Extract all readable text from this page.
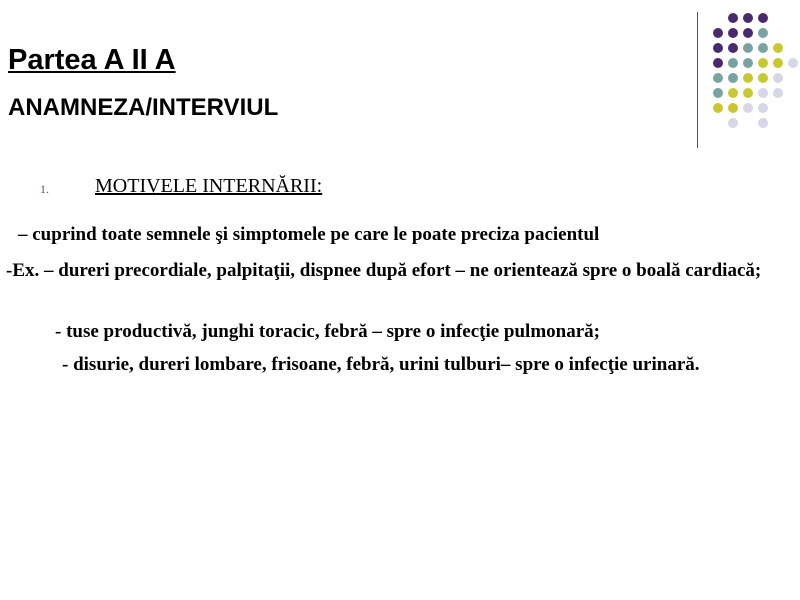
Partea A II A
ANAMNEZA/INTERVIUL
1. MOTIVELE INTERNĂRII:
– cuprind toate semnele şi simptomele pe care le poate preciza pacientul
-Ex. – dureri precordiale, palpitaţii, dispnee după efort – ne orientează spre o boală cardiacă;
- tuse productivă, junghi toracic, febră – spre o infecţie pulmonară;
- disurie, dureri lombare, frisoane, febră, urini tulburi– spre o infecţie urinară.
